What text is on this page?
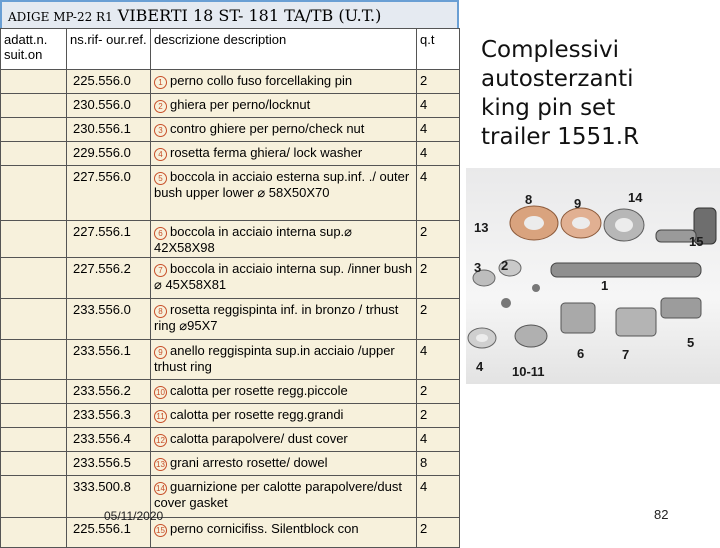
ADIGE MP-22 R1 VIBERTI 18 ST- 181 TA/TB (U.T.)
adatt.n. suit.on	ns.rif- our.ref.	descrizione description	q.t
	225.556.0	1 perno collo fuso forcellaking pin	2
	230.556.0	2 ghiera per perno/locknut	4
	230.556.1	3 contro ghiere per perno/check nut	4
	229.556.0	4 rosetta ferma ghiera/ lock washer	4
	227.556.0	5 boccola in acciaio esterna sup.inf. ./ outer bush upper lower ⌀ 58X50X70	4
	227.556.1	6 boccola in acciaio interna sup.⌀ 42X58X98	2
	227.556.2	7 boccola in acciaio interna sup. /inner bush ⌀ 45X58X81	2
	233.556.0	8 rosetta reggispinta inf. in bronzo / trhust ring ⌀95X7	2
	233.556.1	9 anello reggispinta sup.in acciaio /upper trhust ring	4
	233.556.2	10 calotta per rosette regg.piccole	2
	233.556.3	11 calotta per rosette regg.grandi	2
	233.556.4	12 calotta parapolvere/ dust cover	4
	233.556.5	13 grani arresto rosette/ dowel	8
	333.500.8	14 guarnizione per calotte parapolvere/dust cover gasket	4
	225.556.1	15 perno cornicifiss. Silentblock con	2
Complessivi
autosterzanti
king pin set
trailer 1551.R
8	9	14
13
15
3 2
1
4 10-11
6	7
5
05/11/2020	82
